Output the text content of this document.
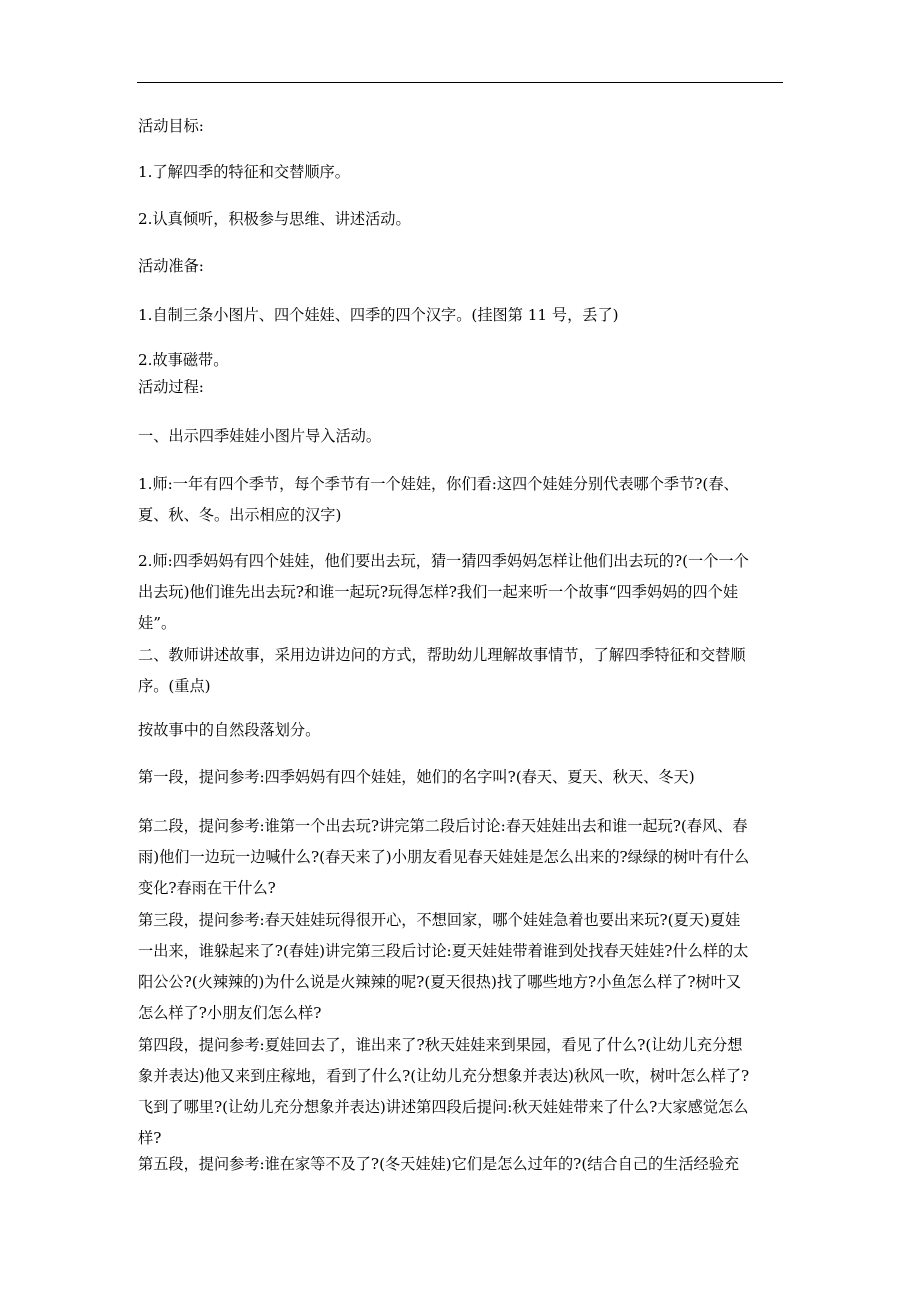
活动目标:
1.了解四季的特征和交替顺序。
2.认真倾听，积极参与思维、讲述活动。
活动准备:
1.自制三条小图片、四个娃娃、四季的四个汉字。(挂图第 11 号，丢了)
2.故事磁带。
活动过程:
一、出示四季娃娃小图片导入活动。
1.师:一年有四个季节，每个季节有一个娃娃，你们看:这四个娃娃分别代表哪个季节?(春、
夏、秋、冬。出示相应的汉字)
2.师:四季妈妈有四个娃娃，他们要出去玩，猜一猜四季妈妈怎样让他们出去玩的?(一个一个
出去玩)他们谁先出去玩?和谁一起玩?玩得怎样?我们一起来听一个故事“四季妈妈的四个娃
娃”。
二、教师讲述故事，采用边讲边问的方式，帮助幼儿理解故事情节，了解四季特征和交替顺
序。(重点)
按故事中的自然段落划分。
第一段，提问参考:四季妈妈有四个娃娃，她们的名字叫?(春天、夏天、秋天、冬天)
第二段，提问参考:谁第一个出去玩?讲完第二段后讨论:春天娃娃出去和谁一起玩?(春风、春
雨)他们一边玩一边喊什么?(春天来了)小朋友看见春天娃娃是怎么出来的?绿绿的树叶有什么
变化?春雨在干什么?
第三段，提问参考:春天娃娃玩得很开心，不想回家，哪个娃娃急着也要出来玩?(夏天)夏娃
一出来，谁躲起来了?(春娃)讲完第三段后讨论:夏天娃娃带着谁到处找春天娃娃?什么样的太
阳公公?(火辣辣的)为什么说是火辣辣的呢?(夏天很热)找了哪些地方?小鱼怎么样了?树叶又
怎么样了?小朋友们怎么样?
第四段，提问参考:夏娃回去了，谁出来了?秋天娃娃来到果园，看见了什么?(让幼儿充分想
象并表达)他又来到庄稼地，看到了什么?(让幼儿充分想象并表达)秋风一吹，树叶怎么样了?
飞到了哪里?(让幼儿充分想象并表达)讲述第四段后提问:秋天娃娃带来了什么?大家感觉怎么
样?
第五段，提问参考:谁在家等不及了?(冬天娃娃)它们是怎么过年的?(结合自己的生活经验充
